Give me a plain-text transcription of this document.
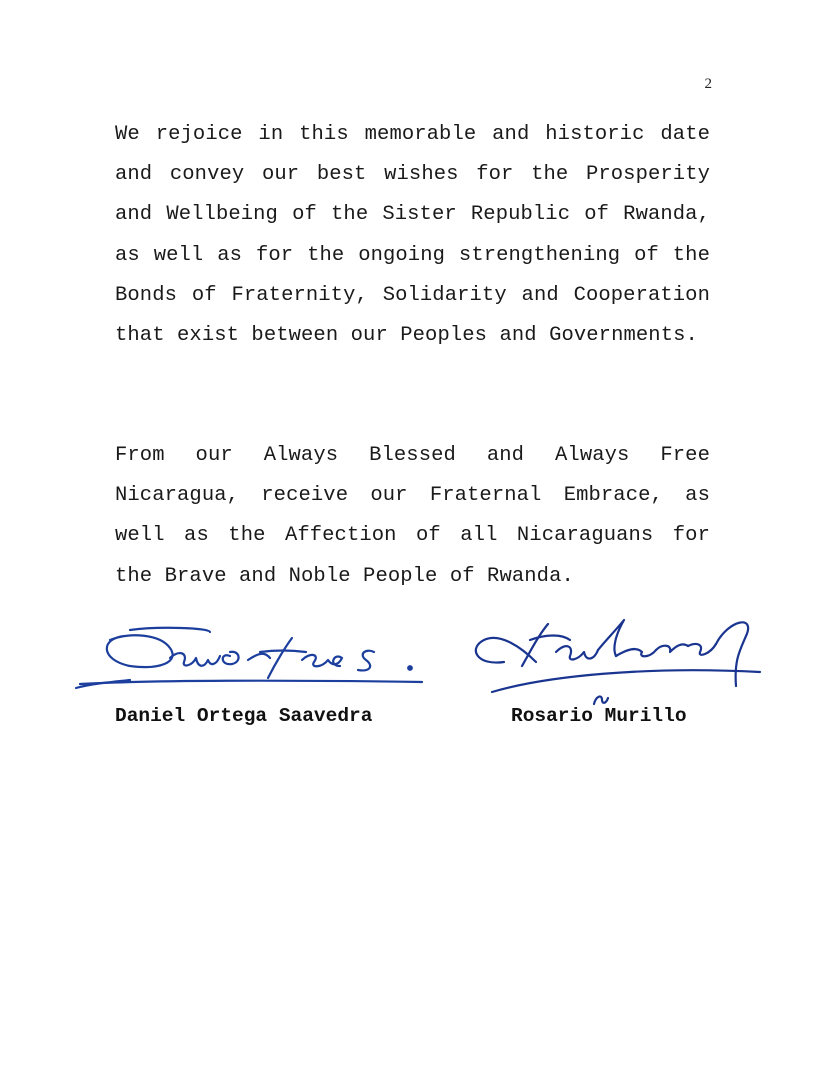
2

We rejoice in this memorable and historic date and convey our best wishes for the Prosperity and Wellbeing of the Sister Republic of Rwanda, as well as for the ongoing strengthening of the Bonds of Fraternity, Solidarity and Cooperation that exist between our Peoples and Governments.

From our Always Blessed and Always Free Nicaragua, receive our Fraternal Embrace, as well as the Affection of all Nicaraguans for the Brave and Noble People of Rwanda.

Daniel Ortega Saavedra	Rosario Murillo
